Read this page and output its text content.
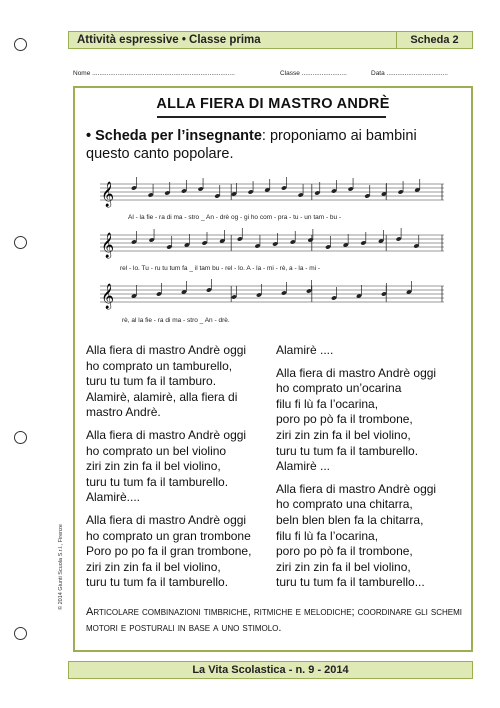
Attività espressive • Classe prima	Scheda 2
Nome ...............................................................................	Classe .........................	Data ..................................
ALLA FIERA DI MASTRO ANDRÈ
• Scheda per l’insegnante: proponiamo ai bambini questo canto popolare.
𝄞
𝄞
𝄞
Al - la fie - ra di ma - stro _ An - drè og - gi ho com - pra - tu - un tam - bu -
rel - lo. Tu - ru tu tum fa _ il tam bu - rel - lo. A - la - mi - rè, a - la - mi -
rè, al la fie - ra di ma - stro _ An - drè.

Alla fiera di mastro Andrè oggi
ho comprato un tamburello,
turu tu tum fa il tamburo.
Alamirè, alamirè, alla fiera di
mastro Andrè.

Alla fiera di mastro Andrè oggi
ho comprato un bel violino
ziri zin zin fa il bel violino,
turu tu tum fa il tamburello.
Alamirè....

Alla fiera di mastro Andrè oggi
ho comprato un gran trombone
Poro po po fa il gran trombone,
ziri zin zin fa il bel violino,
turu tu tum fa il tamburello.

Alamirè ....

Alla fiera di mastro Andrè oggi
ho comprato un’ocarina
filu fi lù fa l’ocarina,
poro po pò fa il trombone,
ziri zin zin fa il bel violino,
turu tu tum fa il tamburello.
Alamirè ...

Alla fiera di mastro Andrè oggi
ho comprato una chitarra,
beln blen blen fa la chitarra,
filu fi lù fa l’ocarina,
poro po pò fa il trombone,
ziri zin zin fa il bel violino,
turu tu tum fa il tamburello...

Articolare combinazioni timbriche, ritmiche e melodiche; coordinare gli schemi motori e posturali in base a uno stimolo.
© 2014 Giunti Scuola S.r.l., Firenze
La Vita Scolastica - n. 9 - 2014
